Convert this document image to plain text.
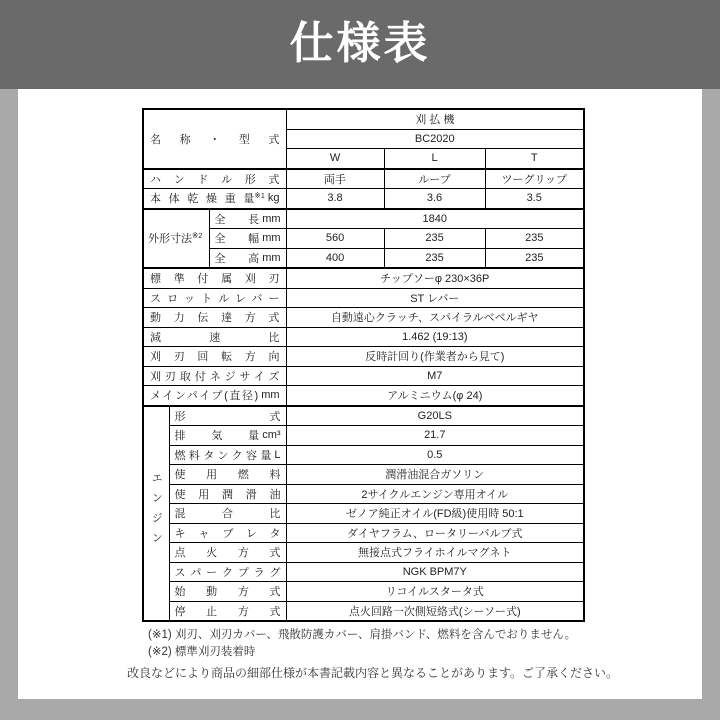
仕様表
名称・型式			刈 払 機		
			BC2020		
			W	L	T

ハンドル形式			両手	ループ	ツーグリップ

本体乾燥重量 ※1 kg			3.8	3.6	3.5

外形寸法 ※2		全長 mm	1840		

		全幅 mm	560	235	235

		全高 mm	400	235	235

標準付属刈刃			チップソーφ 230×36P		

スロットルレバー			ST レバー		

動力伝達方式			自動遠心クラッチ、スパイラルベベルギヤ		

減速比			1.462 (19:13)		

刈刃回転方向			反時計回り(作業者から見て)		

刈刃取付ネジサイズ			M7		

メインパイプ(直径) mm			アルミニウム(φ 24)		
エンジン	形式		G20LS		

	排気量 cm³		21.7		

	燃料タンク容量 L		0.5		

	使用燃料		潤滑油混合ガソリン		

	使用潤滑油		2サイクルエンジン専用オイル		

	混合比		ゼノア純正オイル(FD級)使用時 50:1		

	キャブレタ		ダイヤフラム、ロータリーバルブ式		

	点火方式		無接点式フライホイルマグネト		

	スパークプラグ		NGK BPM7Y		

	始動方式		リコイルスタータ式		

	停止方式		点火回路一次側短絡式(シーソー式)		
(※1) 刈刃、刈刃カバー、飛散防護カバー、肩掛バンド、燃料を含んでおりません。
(※2) 標準刈刃装着時
改良などにより商品の細部仕様が本書記載内容と異なることがあります。ご了承ください。
